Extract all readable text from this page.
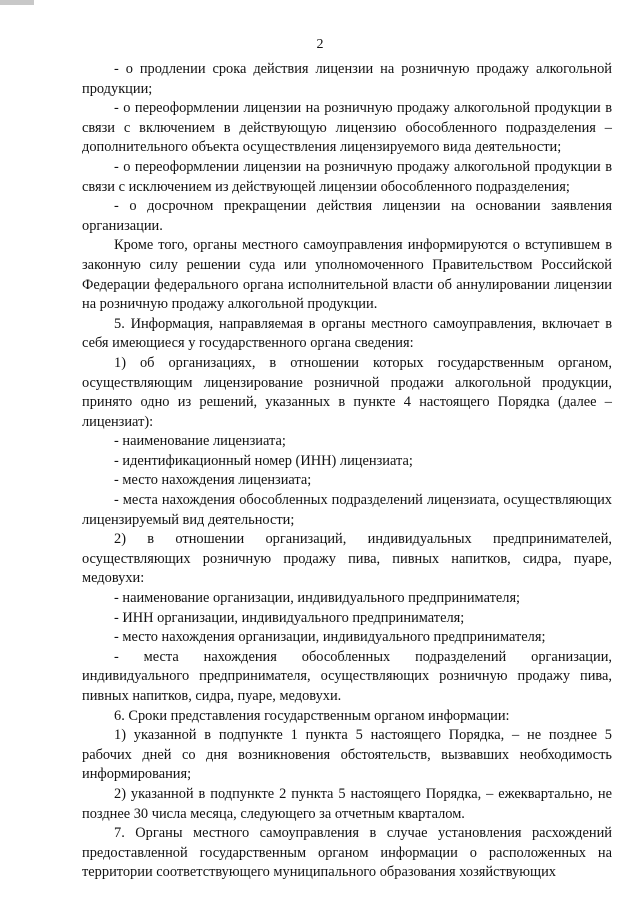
2

- о продлении срока действия лицензии на розничную продажу алкогольной продукции;

- о переоформлении лицензии на розничную продажу алкогольной продукции в связи с включением в действующую лицензию обособленного подразделения – дополнительного объекта осуществления лицензируемого вида деятельности;

- о переоформлении лицензии на розничную продажу алкогольной продукции в связи с исключением из действующей лицензии обособленного подразделения;

- о досрочном прекращении действия лицензии на основании заявления организации.

Кроме того, органы местного самоуправления информируются о вступившем в законную силу решении суда или уполномоченного Правительством Российской Федерации федерального органа исполнительной власти об аннулировании лицензии на розничную продажу алкогольной продукции.

5. Информация, направляемая в органы местного самоуправления, включает в себя имеющиеся у государственного органа сведения:

1) об организациях, в отношении которых государственным органом, осуществляющим лицензирование розничной продажи алкогольной продукции, принято одно из решений, указанных в пункте 4 настоящего Порядка (далее – лицензиат):

- наименование лицензиата;

- идентификационный номер (ИНН) лицензиата;

- место нахождения лицензиата;

- места нахождения обособленных подразделений лицензиата, осуществляющих лицензируемый вид деятельности;

2) в отношении организаций, индивидуальных предпринимателей, осуществляющих розничную продажу пива, пивных напитков, сидра, пуаре, медовухи:

- наименование организации, индивидуального предпринимателя;

- ИНН организации, индивидуального предпринимателя;

- место нахождения организации, индивидуального предпринимателя;

- места нахождения обособленных подразделений организации, индивидуального предпринимателя, осуществляющих розничную продажу пива, пивных напитков, сидра, пуаре, медовухи.

6. Сроки представления государственным органом информации:

1) указанной в подпункте 1 пункта 5 настоящего Порядка, – не позднее 5 рабочих дней со дня возникновения обстоятельств, вызвавших необходимость информирования;

2) указанной в подпункте 2 пункта 5 настоящего Порядка, – ежеквартально, не позднее 30 числа месяца, следующего за отчетным кварталом.

7. Органы местного самоуправления в случае установления расхождений предоставленной государственным органом информации о расположенных на территории соответствующего муниципального образования хозяйствующих
